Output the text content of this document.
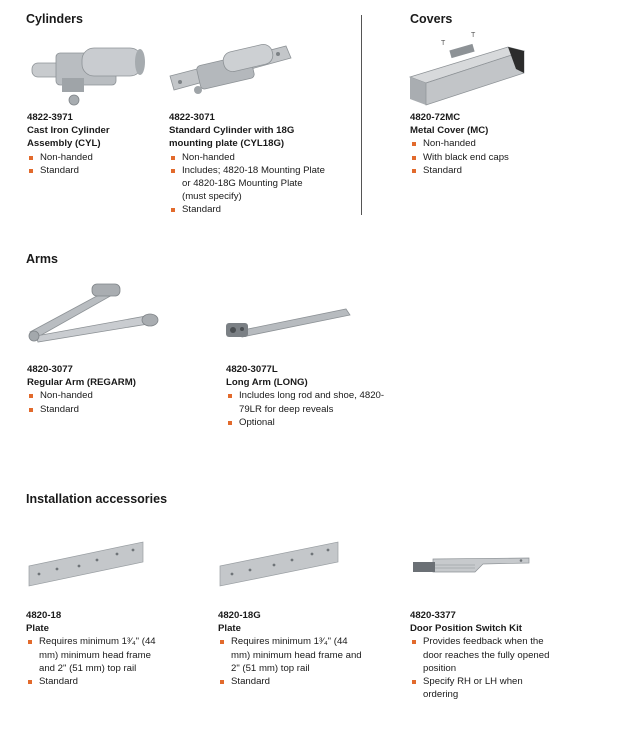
Cylinders	Covers
Arms
Installation accessories
T
T
4822-3971
Cast Iron Cylinder Assembly (CYL)
Non-handed
Standard
4822-3071
Standard Cylinder with 18G mounting plate (CYL18G)
Non-handed
Includes; 4820-18 Mounting Plate or 4820-18G Mounting Plate (must specify)
Standard
4820-72MC
Metal Cover (MC)
Non-handed
With black end caps
Standard
4820-3077
Regular Arm (REGARM)
Non-handed
Standard
4820-3077L
Long Arm (LONG)
Includes long rod and shoe, 4820-79LR for deep reveals
Optional
4820-18
Plate
Requires minimum 1³⁄₄" (44 mm) minimum head frame and 2" (51 mm) top rail
Standard
4820-18G
Plate
Requires minimum 1³⁄₄" (44 mm) minimum head frame and 2" (51 mm) top rail
Standard
4820-3377
Door Position Switch Kit
Provides feedback when the door reaches the fully opened position
Specify RH or LH when ordering
